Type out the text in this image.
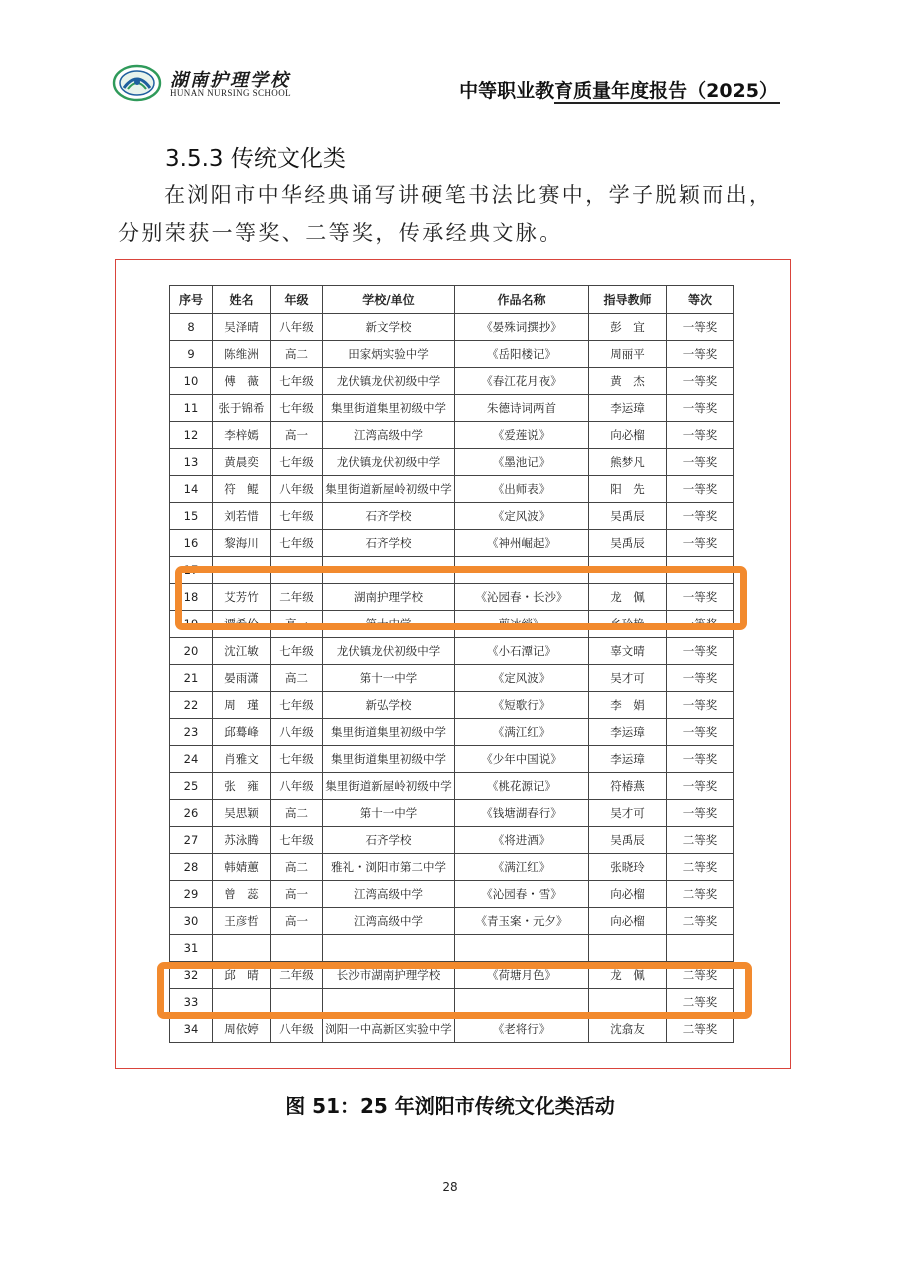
湖南护理学校
HUNAN NURSING SCHOOL	中等职业教育质量年度报告（2025）
3.5.3 传统文化类
在浏阳市中华经典诵写讲硬笔书法比赛中，学子脱颖而出，分别荣获一等奖、二等奖，传承经典文脉。
序号	姓名	年级	学校/单位	作品名称	指导教师	等次
8	吴泽晴	八年级	新文学校	《晏殊词撰抄》	彭　宜	一等奖
9	陈维洲	高二	田家炳实验中学	《岳阳楼记》	周丽平	一等奖
10	傅　薇	七年级	龙伏镇龙伏初级中学	《春江花月夜》	黄　杰	一等奖
11	张于锦希	七年级	集里街道集里初级中学	朱德诗词两首	李运璋	一等奖
12	李梓嫣	高一	江湾高级中学	《爱莲说》	向必榴	一等奖
13	黄晨奕	七年级	龙伏镇龙伏初级中学	《墨池记》	熊梦凡	一等奖
14	符　鲲	八年级	集里街道新屋岭初级中学	《出师表》	阳　先	一等奖
15	刘若惜	七年级	石齐学校	《定风波》	吴禹辰	一等奖
16	黎海川	七年级	石齐学校	《神州崛起》	吴禹辰	一等奖
17						
18	艾芳竹	二年级	湖南护理学校	《沁园春・长沙》	龙　佩	一等奖
19	谭希伦	高一	第十中学	剪冰绡》	乡玲艳	一等奖
20	沈江敏	七年级	龙伏镇龙伏初级中学	《小石潭记》	辜文晴	一等奖
21	晏雨潇	高二	第十一中学	《定风波》	吴才可	一等奖
22	周　瑾	七年级	新弘学校	《短歌行》	李　娟	一等奖
23	邱蓦峰	八年级	集里街道集里初级中学	《满江红》	李运璋	一等奖
24	肖雅文	七年级	集里街道集里初级中学	《少年中国说》	李运璋	一等奖
25	张　雍	八年级	集里街道新屋岭初级中学	《桃花源记》	符椿燕	一等奖
26	吴思颖	高二	第十一中学	《钱塘湖春行》	吴才可	一等奖
27	苏泳腾	七年级	石齐学校	《将进酒》	吴禹辰	二等奖
28	韩婧蕙	高二	雅礼・浏阳市第二中学	《满江红》	张晓玲	二等奖
29	曾　蕊	高一	江湾高级中学	《沁园春・雪》	向必榴	二等奖
30	王彦哲	高一	江湾高级中学	《青玉案・元夕》	向必榴	二等奖
31						
32	邱　晴	二年级	长沙市湖南护理学校	《荷塘月色》	龙　佩	二等奖
33						二等奖
34	周依婷	八年级	浏阳一中高新区实验中学	《老将行》	沈翕友	二等奖
图 51：25 年浏阳市传统文化类活动
28
